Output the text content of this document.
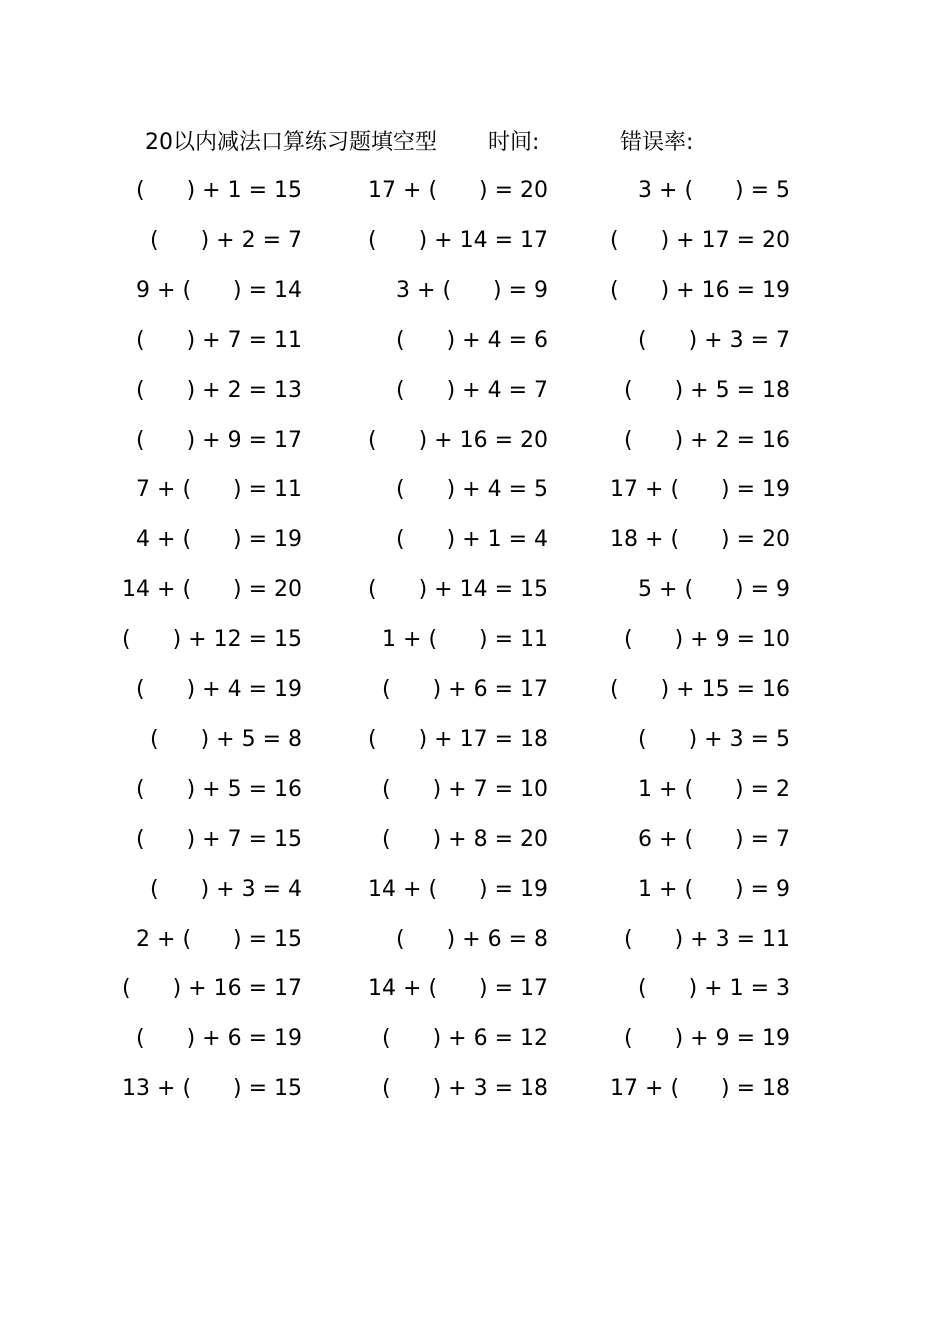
20以内减法口算练习题填空型 时间:	错误率:
(      ) + 1 = 15
(      ) + 2 = 7
9 + (      ) = 14
(      ) + 7 = 11
(      ) + 2 = 13
(      ) + 9 = 17
7 + (      ) = 11
4 + (      ) = 19
14 + (      ) = 20
(      ) + 12 = 15
(      ) + 4 = 19
(      ) + 5 = 8
(      ) + 5 = 16
(      ) + 7 = 15
(      ) + 3 = 4
2 + (      ) = 15
(      ) + 16 = 17
(      ) + 6 = 19
13 + (      ) = 15
17 + (      ) = 20
(      ) + 14 = 17
3 + (      ) = 9
(      ) + 4 = 6
(      ) + 4 = 7
(      ) + 16 = 20
(      ) + 4 = 5
(      ) + 1 = 4
(      ) + 14 = 15
1 + (      ) = 11
(      ) + 6 = 17
(      ) + 17 = 18
(      ) + 7 = 10
(      ) + 8 = 20
14 + (      ) = 19
(      ) + 6 = 8
14 + (      ) = 17
(      ) + 6 = 12
(      ) + 3 = 18
3 + (      ) = 5
(      ) + 17 = 20
(      ) + 16 = 19
(      ) + 3 = 7
(      ) + 5 = 18
(      ) + 2 = 16
17 + (      ) = 19
18 + (      ) = 20
5 + (      ) = 9
(      ) + 9 = 10
(      ) + 15 = 16
(      ) + 3 = 5
1 + (      ) = 2
6 + (      ) = 7
1 + (      ) = 9
(      ) + 3 = 11
(      ) + 1 = 3
(      ) + 9 = 19
17 + (      ) = 18
